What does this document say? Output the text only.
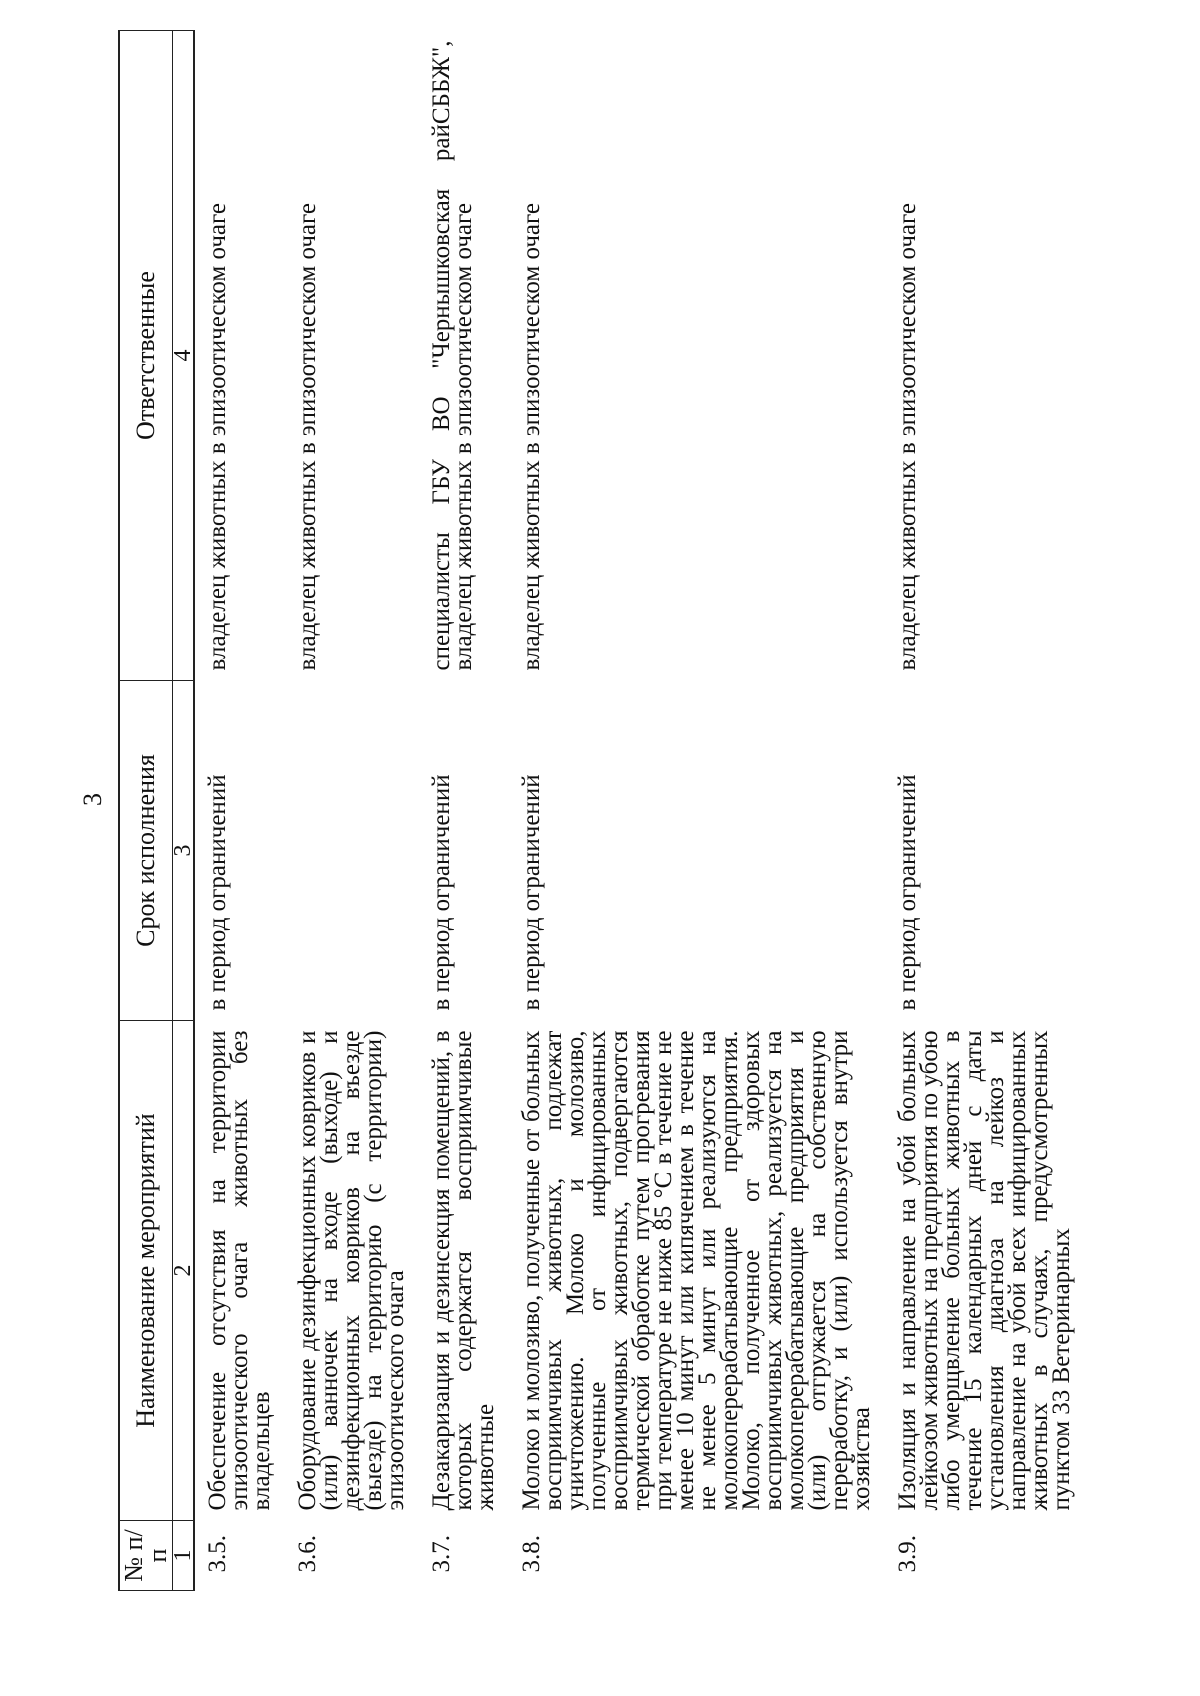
3
№ п/п	Наименование мероприятий	Срок исполнения	Ответственные
1	2	3	4
3.5.	Обеспечение отсутствия на территории эпизоотического очага животных без владельцев	в период ограничений	владелец животных в эпизоотическом очаге
3.6.	Оборудование дезинфекционных ковриков и (или) ванночек на входе (выходе) и дезинфекционных ковриков на въезде (выезде) на территорию (с территории) эпизоотического очага		владелец животных в эпизоотическом очаге
3.7.	Дезакаризация и дезинсекция помещений, в которых содержатся восприимчивые животные	в период ограничений	специалисты ГБУ ВО "Чернышковская райСББЖ", владелец животных в эпизоотическом очаге
3.8.	Молоко и молозиво, полученные от больных восприимчивых животных, подлежат уничтожению. Молоко и молозиво, полученные от инфицированных восприимчивых животных, подвергаются термической обработке путем прогревания при температуре не ниже 85 °С в течение не менее 10 минут или кипячением в течение не менее 5 минут или реализуются на молокоперерабатывающие предприятия. Молоко, полученное от здоровых восприимчивых животных, реализуется на молокоперерабатывающие предприятия и (или) отгружается на собственную переработку, и (или) используется внутри хозяйства	в период ограничений	владелец животных в эпизоотическом очаге
3.9.	Изоляция и направление на убой больных лейкозом животных на предприятия по убою либо умерщвление больных животных в течение 15 календарных дней с даты установления диагноза на лейкоз и направление на убой всех инфицированных животных в случаях, предусмотренных пунктом 33 Ветеринарных	в период ограничений	владелец животных в эпизоотическом очаге
